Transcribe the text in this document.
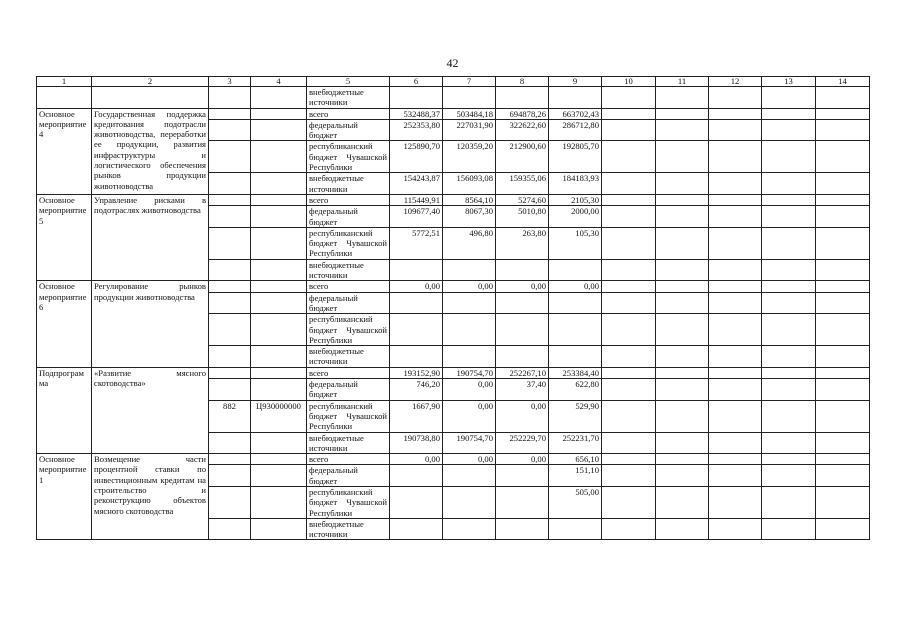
42
1	2	3	4	5	6	7	8	9	10	11	12	13	14
				внебюджетные источники									
Основное мероприятие 4	Государственная поддержка кредитования подотрасли животноводства, переработки ее продукции, развития инфраструктуры и логистического обеспечения рынков продукции животноводства			всего	532488,37	503484,18	694878,26	663702,43					
				федеральный бюджет	252353,80	227031,90	322622,60	286712,80					
				республиканский бюджет Чувашской Республики	125890,70	120359,20	212900,60	192805,70					
				внебюджетные источники	154243,87	156093,08	159355,06	184183,93					
Основное мероприятие 5	Управление рисками в подотраслях животноводства			всего	115449,91	8564,10	5274,60	2105,30					
				федеральный бюджет	109677,40	8067,30	5010,80	2000,00					
				республиканский бюджет Чувашской Республики	5772,51	496,80	263,80	105,30					
				внебюджетные источники									
Основное мероприятие 6	Регулирование рынков продукции животноводства			всего	0,00	0,00	0,00	0,00					
				федеральный бюджет									
				республиканский бюджет Чувашской Республики									
				внебюджетные источники									
Подпрограмма	«Развитие мясного скотоводства»			всего	193152,90	190754,70	252267,10	253384,40					
				федеральный бюджет	746,20	0,00	37,40	622,80					
		882	Ц930000000	республиканский бюджет Чувашской Республики	1667,90	0,00	0,00	529,90					
				внебюджетные источники	190738,80	190754,70	252229,70	252231,70					
Основное мероприятие 1	Возмещение части процентной ставки по инвестиционным кредитам на строительство и реконструкцию объектов мясного скотоводства			всего	0,00	0,00	0,00	656,10					
				федеральный бюджет				151,10					
				республиканский бюджет Чувашской Республики				505,00					
				внебюджетные источники									
